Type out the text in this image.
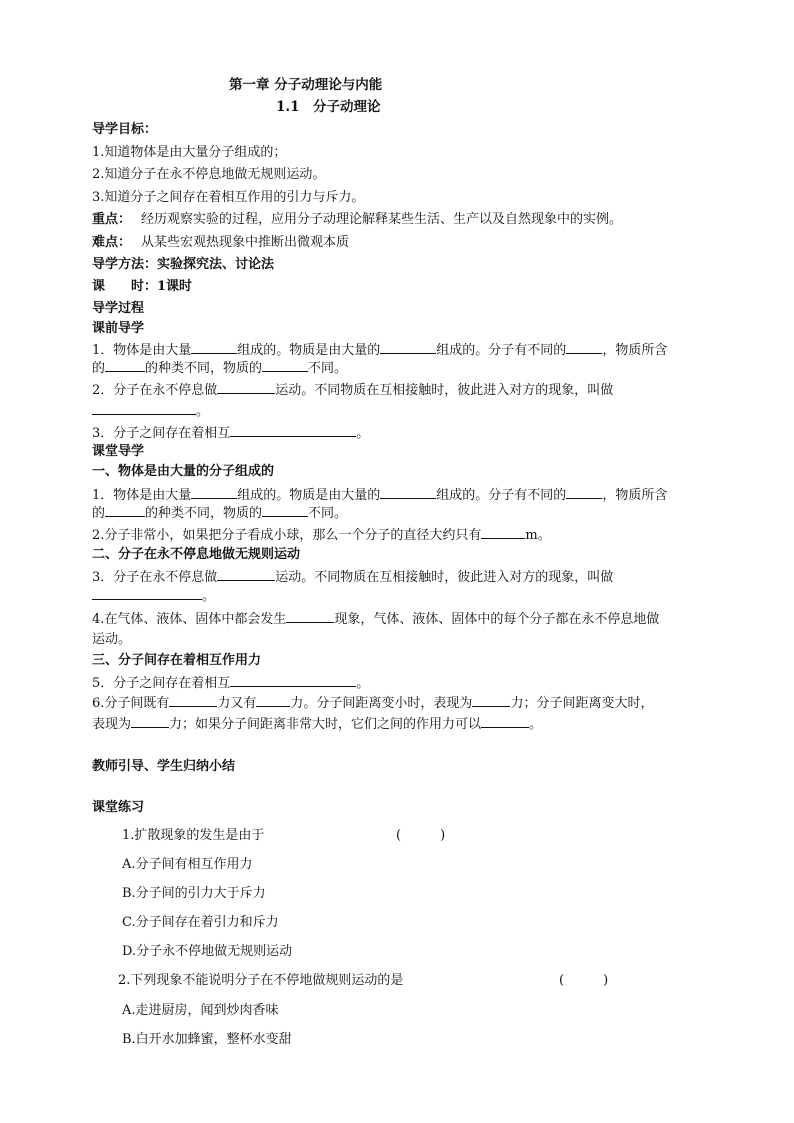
第一章 分子动理论与内能
1.1　分子动理论
导学目标：
1.知道物体是由大量分子组成的；
2.知道分子在永不停息地做无规则运动。
3.知道分子之间存在着相互作用的引力与斥力。
重点： 经历观察实验的过程，应用分子动理论解释某些生活、生产以及自然现象中的实例。
难点： 从某些宏观热现象中推断出微观本质
导学方法：实验探究法、讨论法
课　　时：1课时
导学过程
课前导学
1．物体是由大量	组成的。物质是由大量的	组成的。分子有不同的	，物质所含
的	的种类不同，物质的	不同。
2．分子在永不停息做	运动。不同物质在互相接触时，彼此进入对方的现象，叫做
。
3．分子之间存在着相互	。
课堂导学
一、物体是由大量的分子组成的
1．物体是由大量	组成的。物质是由大量的	组成的。分子有不同的	，物质所含
的	的种类不同，物质的	不同。
2.分子非常小，如果把分子看成小球，那么一个分子的直径大约只有	m。
二、分子在永不停息地做无规则运动
3．分子在永不停息做	运动。不同物质在互相接触时，彼此进入对方的现象，叫做
。
4.在气体、液体、固体中都会发生	现象，气体、液体、固体中的每个分子都在永不停息地做
运动。
三、分子间存在着相互作用力
5．分子之间存在着相互	。
6.分子间既有	力又有	力。分子间距离变小时，表现为	力；分子间距离变大时，
表现为	力；如果分子间距离非常大时，它们之间的作用力可以	。
教师引导、学生归纳小结
课堂练习
1.扩散现象的发生是由于	(　　　)
A.分子间有相互作用力
B.分子间的引力大于斥力
C.分子间存在着引力和斥力
D.分子永不停地做无规则运动
2.下列现象不能说明分子在不停地做规则运动的是	(　　　)
A.走进厨房，闻到炒肉香味
B.白开水加蜂蜜，整杯水变甜
